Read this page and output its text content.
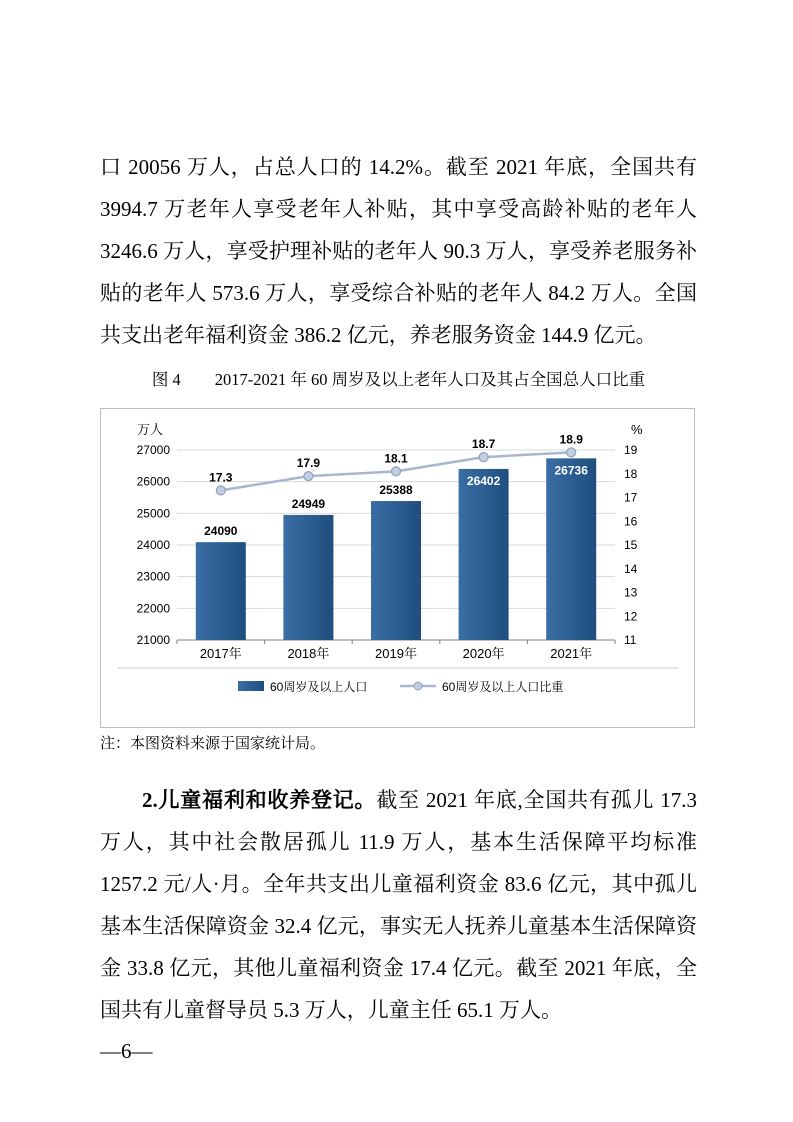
口 20056 万人，占总人口的 14.2%。截至 2021 年底，全国共有 3994.7 万老年人享受老年人补贴，其中享受高龄补贴的老年人 3246.6 万人，享受护理补贴的老年人 90.3 万人，享受养老服务补贴的老年人 573.6 万人，享受综合补贴的老年人 84.2 万人。全国共支出老年福利资金 386.2 亿元，养老服务资金 144.9 亿元。

图 4 2017-2021 年 60 周岁及以上老年人口及其占全国总人口比重

21000
22000
23000
24000
25000
26000
27000
11
12
13
14
15
16
17
18
19
万人	%
24090
2017年
24949
2018年
25388
2019年
26402
2020年
26736
2021年
17.3
17.9	18.1
18.7	18.9
60周岁及以上人口	60周岁及以上人口比重

注：本图资料来源于国家统计局。

2.儿童福利和收养登记。截至 2021 年底,全国共有孤儿 17.3 万人，其中社会散居孤儿 11.9 万人，基本生活保障平均标准 1257.2 元/人·月。全年共支出儿童福利资金 83.6 亿元，其中孤儿基本生活保障资金 32.4 亿元，事实无人抚养儿童基本生活保障资金 33.8 亿元，其他儿童福利资金 17.4 亿元。截至 2021 年底，全国共有儿童督导员 5.3 万人，儿童主任 65.1 万人。

—6—
